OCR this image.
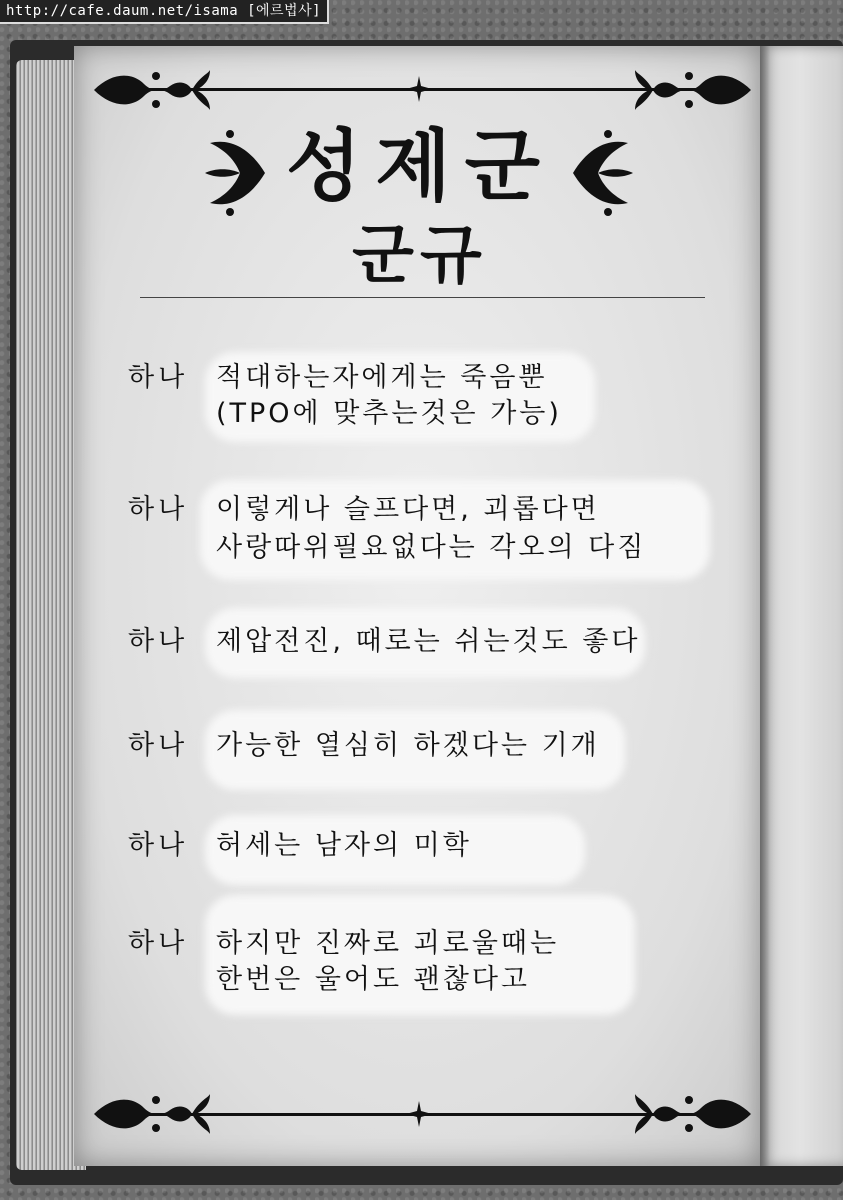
http://cafe.daum.net/isama [에르법사]
성제군
군규
하나 적대하는자에게는 죽음뿐
(TPO에 맞추는것은 가능)
하나 이렇게나 슬프다면, 괴롭다면
사랑따위필요없다는 각오의 다짐
하나 제압전진, 때로는 쉬는것도 좋다
하나 가능한 열심히 하겠다는 기개
하나 허세는 남자의 미학
하나 하지만 진짜로 괴로울때는
한번은 울어도 괜찮다고
